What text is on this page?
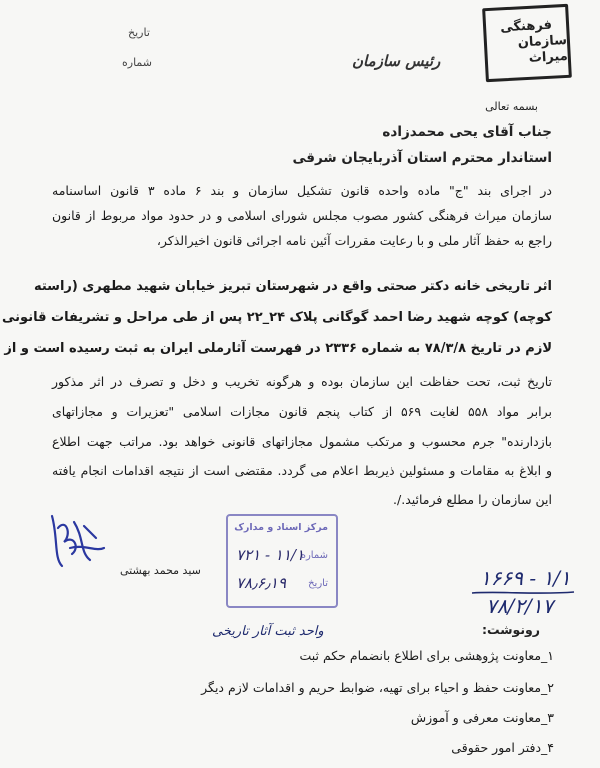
فرهنگی
سازمان میراث
تاریخ
شماره	رئیس سازمان
بسمه تعالی
جناب آقای یحی محمدزاده
استاندار محترم استان آذربایجان شرقی
در اجرای بند "ج" ماده واحده قانون تشکیل سازمان و بند ۶ ماده ۳ قانون اساسنامه
سازمان میراث فرهنگی کشور مصوب مجلس شورای اسلامی و در حدود مواد مربوط از قانون
راجع به حفظ آثار ملی و با رعایت مقررات آئین نامه اجرائی قانون اخیرالذکر،
اثر تاریخی خانه دکتر صحتی واقع در شهرستان تبریز خیابان شهید مطهری (راسته
کوچه) کوچه شهید رضا احمد گوگانی پلاک ۲۴_۲۲ پس از طی مراحل و تشریفات قانونی
لازم در تاریخ ۷۸/۳/۸ به شماره ۲۳۳۶ در فهرست آثارملی ایران به ثبت رسیده است و از
تاریخ ثبت، تحت حفاظت این سازمان بوده و هرگونه تخریب و دخل و تصرف در اثر مذکور
برابر مواد ۵۵۸ لغایت ۵۶۹ از کتاب پنجم قانون مجازات اسلامی "تعزیرات و مجازاتهای
بازدارنده" جرم محسوب و مرتکب مشمول مجازاتهای قانونی خواهد بود. مراتب جهت اطلاع
و ابلاغ به مقامات و مسئولین ذیربط اعلام می گردد. مقتضی است از نتیجه اقدامات انجام یافته
این سازمان را مطلع فرمائید./.
سید محمد بهشتی
مرکز اسناد و مدارک
شماره
۱۱/۱ - ۷۲۱
تاریخ
۷۸٫۶٫۱۹	۱/۱ - ۱۶۶۹
۷۸/۲/۱۷
رونوشت:
واحد ثبت آثار تاریخی
۱_معاونت پژوهشی برای اطلاع بانضمام حکم ثبت
۲_معاونت حفظ و احیاء برای تهیه، ضوابط حریم و اقدامات لازم دیگر
۳_معاونت معرفی و آموزش
۴_دفتر امور حقوقی
